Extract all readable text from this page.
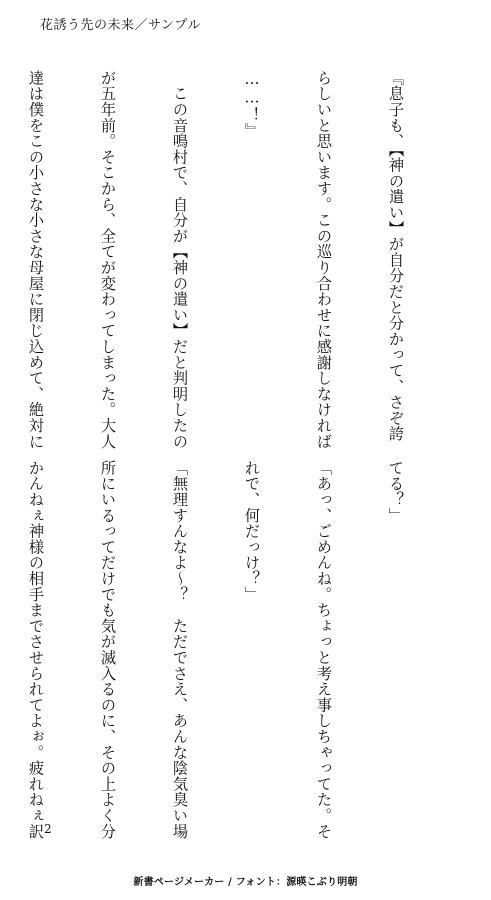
花誘う先の未来／サンプル

『息子も、【神の遣い】が自分だと分かって、さぞ誇

らしいと思います。この巡り合わせに感謝しなければ

……！』

　この音鳴村で、自分が【神の遣い】だと判明したの

が五年前。そこから、全てが変わってしまった。大人

達は僕をこの小さな小さな母屋に閉じ込めて、絶対に

てる？」

「あっ、ごめんね。ちょっと考え事しちゃってた。そ

れで、何だっけ？」

「無理すんなよ～？　ただでさえ、あんな陰気臭い場

所にいるってだけでも気が滅入るのに、その上よく分

かんねぇ神様の相手までさせられてよぉ。疲れねぇ訳

2
新書ページメーカー / フォント：源暎こぶり明朝
